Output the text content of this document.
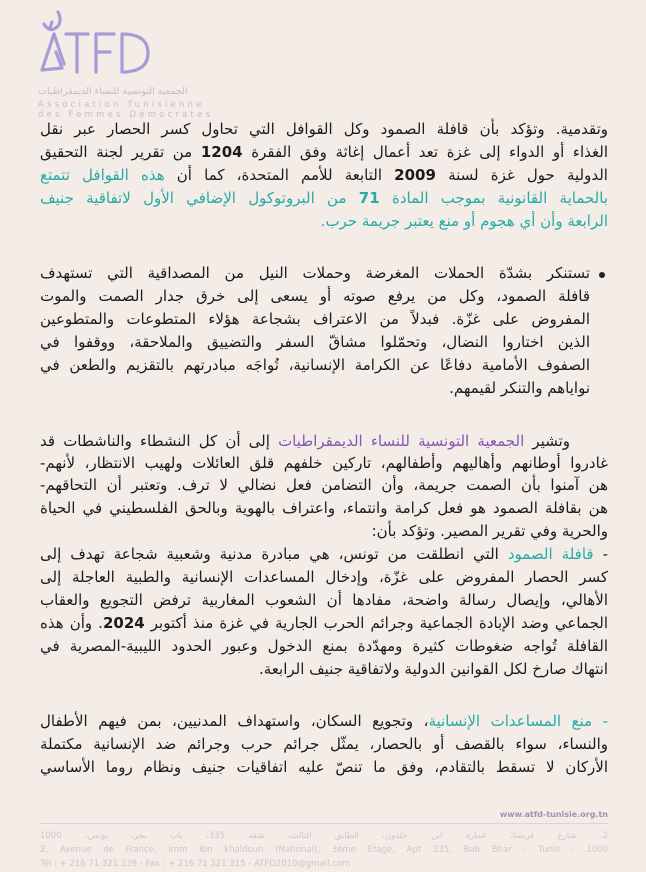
الجمعية التونسية للنساء الديمقراطيات
Association Tunisienne
des Femmes Démocrates
وتقدمية. وتؤكد بأن قافلة الصمود وكل القوافل التي تحاول كسر الحصار عبر نقل
الغذاء أو الدواء إلى غزة تعد أعمال إغاثة وفق الفقرة 1204 من تقرير لجنة التحقيق
الدولية حول غزة لسنة 2009 التابعة للأمم المتحدة، كما أن هذه القوافل تتمتع
بالحماية القانونية بموجب المادة 71 من البروتوكول الإضافي الأول لاتفاقية جنيف
الرابعة وأن أي هجوم أو منع يعتبر جريمة حرب.
تستنكر بشدّة الحملات المغرضة وحملات النيل من المصداقية التي تستهدف
قافلة الصمود، وكل من يرفع صوته أو يسعى إلى خرق جدار الصمت والموت
المفروض على غزّة. فبدلاً من الاعتراف بشجاعة هؤلاء المتطوعات والمتطوعين
الذين اختاروا النضال، وتحمّلوا مشاقّ السفر والتضييق والملاحقة، ووقفوا في
الصفوف الأمامية دفاعًا عن الكرامة الإنسانية، تُواجَه مبادرتهم بالتقزيم والطعن في
نواياهم والتنكر لقيمهم.
وتشير الجمعية التونسية للنساء الديمقراطيات إلى أن كل النشطاء والناشطات قد
غادروا أوطانهم وأهاليهم وأطفالهم، تاركين خلفهم قلق العائلات ولهيب الانتظار، لأنهم-
هن آمنوا بأن الصمت جريمة، وأن التضامن فعل نضالي لا ترف. وتعتبر أن التحاقهم-
هن بقافلة الصمود هو فعل كرامة وانتماء، واعتراف بالهوية وبالحق الفلسطيني في الحياة
والحرية وفي تقرير المصير. وتؤكد بأن:
- قافلة الصمود التي انطلقت من تونس، هي مبادرة مدنية وشعبية شجاعة تهدف إلى
كسر الحصار المفروض على غزّة، وإدخال المساعدات الإنسانية والطبية العاجلة إلى
الأهالي، وإيصال رسالة واضحة، مفادها أن الشعوب المغاربية ترفض التجويع والعقاب
الجماعي وضد الإبادة الجماعية وجرائم الحرب الجارية في غزة منذ أكتوبر 2024. وأن هذه
القافلة تُواجه ضغوطات كثيرة ومهدّدة بمنع الدخول وعبور الحدود الليبية-المصرية في
انتهاك صارخ لكل القوانين الدولية ولاتفاقية جنيف الرابعة.
- منع المساعدات الإنسانية، وتجويع السكان، واستهداف المدنيين، بمن فيهم الأطفال
والنساء، سواء بالقصف أو بالحصار، يمثّل جرائم حرب وجرائم ضد الإنسانية مكتملة
الأركان لا تسقط بالتقادم، وفق ما تنصّ عليه اتفاقيات جنيف ونظام روما الأساسي
www.atfd-tunisie.org.tn
2، شارع فرنسا، عمارة ابن خلدون، الطابق الثالث، شقة 335، باب بحر، تونس، 1000
2, Avenue de France, Imm Ibn khaldoun (National), 3ème Etage, Apt 335, Bab Bhar - Tunis - 1000
Tél : + 216 71 321 339 - Fax : + 216 71 321 315 - ATFD2010@gmail.com
